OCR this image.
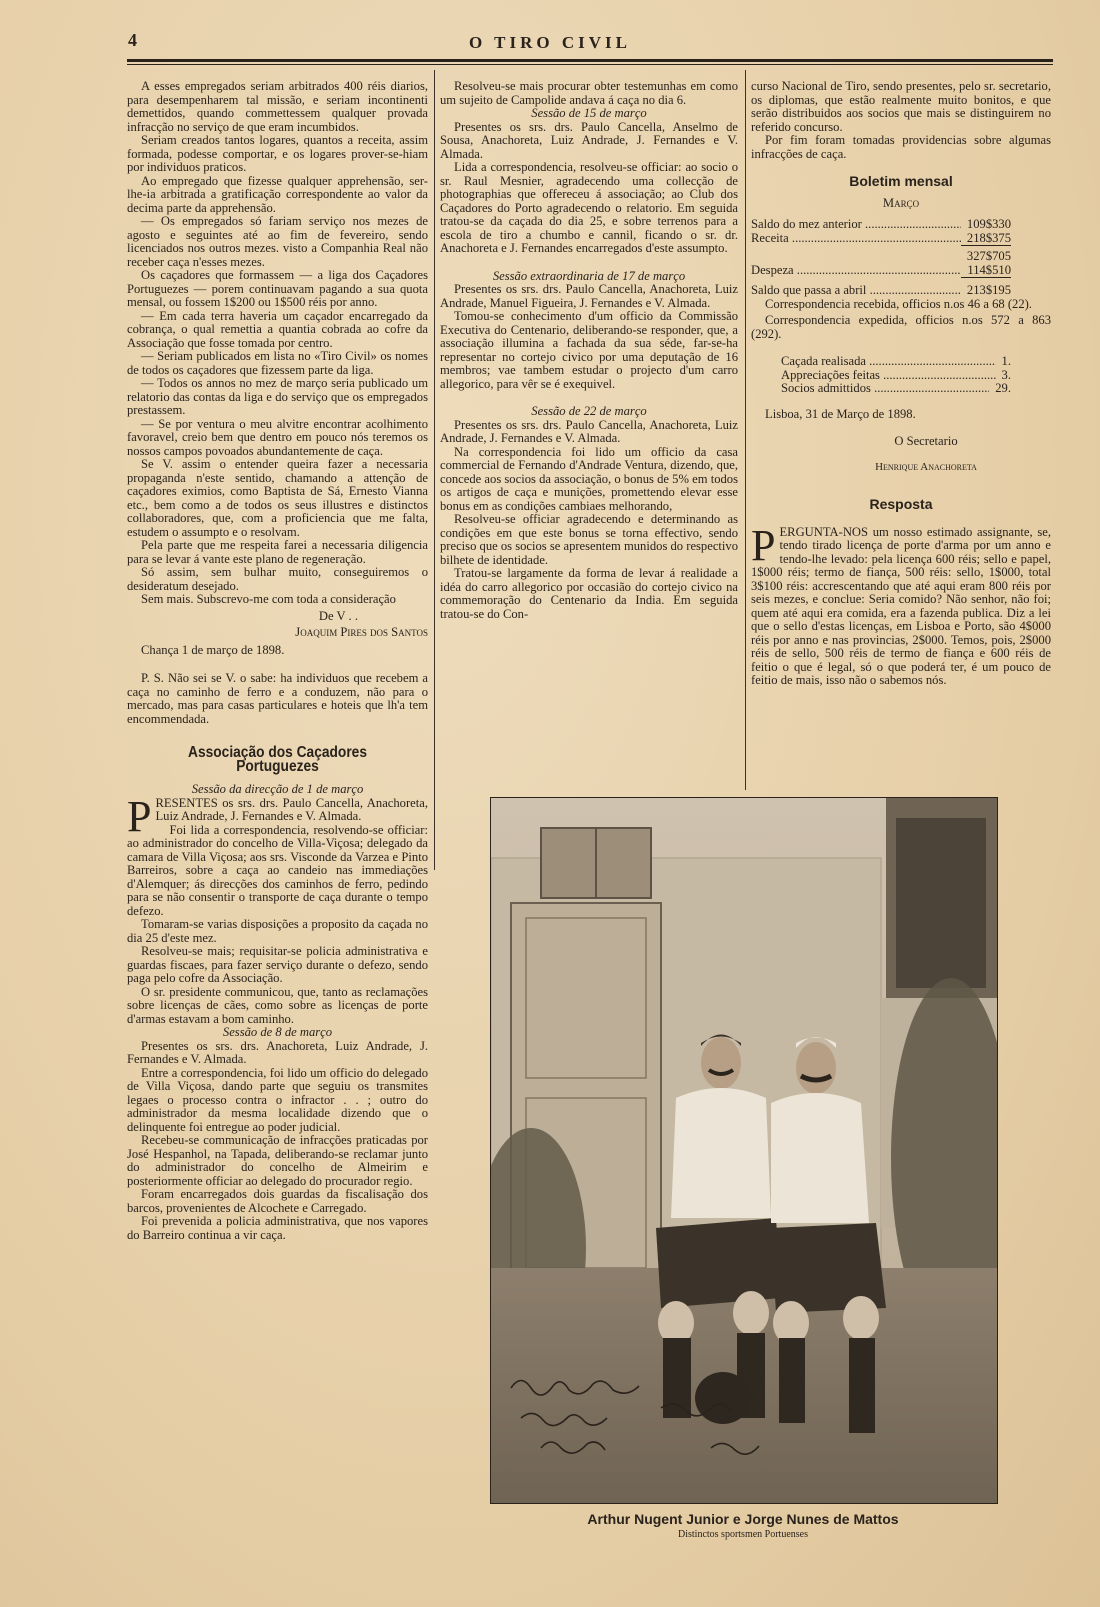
4	O TIRO CIVIL

A esses empregados seriam arbitrados 400 réis diarios, para desempenharem tal missão, e seriam incontinenti demettidos, quando commettessem qualquer provada infracção no serviço de que eram incumbidos.

Seriam creados tantos logares, quantos a receita, assim formada, podesse comportar, e os logares prover-se-hiam por individuos praticos.

Ao empregado que fizesse qualquer apprehensão, ser-lhe-ia arbitrada a gratificação correspondente ao valor da decima parte da apprehensão.

— Os empregados só fariam serviço nos mezes de agosto e seguintes até ao fim de fevereiro, sendo licenciados nos outros mezes. visto a Companhia Real não receber caça n'esses mezes.

Os caçadores que formassem — a liga dos Caçadores Portuguezes — porem continuavam pagando a sua quota mensal, ou fossem 1$200 ou 1$500 réis por anno.

— Em cada terra haveria um caçador encarregado da cobrança, o qual remettia a quantia cobrada ao cofre da Associação que fosse tomada por centro.

— Seriam publicados em lista no «Tiro Civil» os nomes de todos os caçadores que fizessem parte da liga.

— Todos os annos no mez de março seria publicado um relatorio das contas da liga e do serviço que os empregados prestassem.

— Se por ventura o meu alvitre encontrar acolhimento favoravel, creio bem que dentro em pouco nós teremos os nossos campos povoados abundantemente de caça.

Se V. assim o entender queira fazer a necessaria propaganda n'este sentido, chamando a attenção de caçadores eximios, como Baptista de Sá, Ernesto Vianna etc., bem como a de todos os seus illustres e distinctos collaboradores, que, com a proficiencia que me falta, estudem o assumpto e o resolvam.

Pela parte que me respeita farei a necessaria diligencia para se levar á vante este plano de regeneração.

Só assim, sem bulhar muito, conseguiremos o desideratum desejado.

Sem mais. Subscrevo-me com toda a consideração

De V . .

Joaquim Pires dos Santos

Chança 1 de março de 1898.

P. S. Não sei se V. o sabe: ha individuos que recebem a caça no caminho de ferro e a conduzem, não para o mercado, mas para casas particulares e hoteis que lh'a tem encommendada.

Associação dos Caçadores Portuguezes

Sessão da direcção de 1 de março

PRESENTES os srs. drs. Paulo Cancella, Anachoreta, Luiz Andrade, J. Fernandes e V. Almada.

Foi lida a correspondencia, resolvendo-se officiar: ao administrador do concelho de Villa-Viçosa; delegado da camara de Villa Viçosa; aos srs. Visconde da Varzea e Pinto Barreiros, sobre a caça ao candeio nas immediações d'Alemquer; ás direcções dos caminhos de ferro, pedindo para se não consentir o transporte de caça durante o tempo defezo.

Tomaram-se varias disposições a proposito da caçada no dia 25 d'este mez.

Resolveu-se mais; requisitar-se policia administrativa e guardas fiscaes, para fazer serviço durante o defezo, sendo paga pelo cofre da Associação.

O sr. presidente communicou, que, tanto as reclamações sobre licenças de cães, como sobre as licenças de porte d'armas estavam a bom caminho.

Sessão de 8 de março

Presentes os srs. drs. Anachoreta, Luiz Andrade, J. Fernandes e V. Almada.

Entre a correspondencia, foi lido um officio do delegado de Villa Viçosa, dando parte que seguiu os transmites legaes o processo contra o infractor . . ; outro do administrador da mesma localidade dizendo que o delinquente foi entregue ao poder judicial.

Recebeu-se communicação de infracções praticadas por José Hespanhol, na Tapada, deliberando-se reclamar junto do administrador do concelho de Almeirim e posteriormente officiar ao delegado do procurador regio.

Foram encarregados dois guardas da fiscalisação dos barcos, provenientes de Alcochete e Carregado.

Foi prevenida a policia administrativa, que nos vapores do Barreiro continua a vir caça.

Resolveu-se mais procurar obter testemunhas em como um sujeito de Campolide andava á caça no dia 6.

Sessão de 15 de março

Presentes os srs. drs. Paulo Cancella, Anselmo de Sousa, Anachoreta, Luiz Andrade, J. Fernandes e V. Almada.

Lida a correspondencia, resolveu-se officiar: ao socio o sr. Raul Mesnier, agradecendo uma collecção de photographias que offereceu á associação; ao Club dos Caçadores do Porto agradecendo o relatorio. Em seguida tratou-se da caçada do dia 25, e sobre terrenos para a escola de tiro a chumbo e cannil, ficando o sr. dr. Anachoreta e J. Fernandes encarregados d'este assumpto.

Sessão extraordinaria de 17 de março

Presentes os srs. drs. Paulo Cancella, Anachoreta, Luiz Andrade, Manuel Figueira, J. Fernandes e V. Almada.

Tomou-se conhecimento d'um officio da Commissão Executiva do Centenario, deliberando-se responder, que, a associação illumina a fachada da sua séde, far-se-ha representar no cortejo civico por uma deputação de 16 membros; vae tambem estudar o projecto d'um carro allegorico, para vêr se é exequivel.

Sessão de 22 de março

Presentes os srs. drs. Paulo Cancella, Anachoreta, Luiz Andrade, J. Fernandes e V. Almada.

Na correspondencia foi lido um officio da casa commercial de Fernando d'Andrade Ventura, dizendo, que, concede aos socios da associação, o bonus de 5% em todos os artigos de caça e munições, promettendo elevar esse bonus em as condições cambiaes melhorando,

Resolveu-se officiar agradecendo e determinando as condições em que este bonus se torna effectivo, sendo preciso que os socios se apresentem munidos do respectivo bilhete de identidade.

Tratou-se largamente da forma de levar á realidade a idéa do carro allegorico por occasião do cortejo civico na commemoração do Centenario da India. Em seguida tratou-se do Con-

curso Nacional de Tiro, sendo presentes, pelo sr. secretario, os diplomas, que estão realmente muito bonitos, e que serão distribuidos aos socios que mais se distinguirem no referido concurso.

Por fim foram tomadas providencias sobre algumas infracções de caça.

Boletim mensal

Março

Saldo do mez anterior .....	109$330
Receita .....	218$375
327$705
Despeza .....	114$510
Saldo que passa a abril .....	213$195

Correspondencia recebida, officios n.os 46 a 68 (22).

Correspondencia expedida, officios n.os 572 a 863 (292).

Caçada realisada .....	1.
Appreciações feitas .....	3.
Socios admittidos .....	29.

Lisboa, 31 de Março de 1898.

O Secretario

Henrique Anachoreta

Resposta

PERGUNTA-NOS um nosso estimado assignante, se, tendo tirado licença de porte d'arma por um anno e tendo-lhe levado: pela licença 600 réis; sello e papel, 1$000 réis; termo de fiança, 500 réis: sello, 1$000, total 3$100 réis: accrescentando que até aqui eram 800 réis por seis mezes, e conclue: Seria comido? Não senhor, não foi; quem até aqui era comida, era a fazenda publica. Diz a lei que o sello d'estas licenças, em Lisboa e Porto, são 4$000 réis por anno e nas provincias, 2$000. Temos, pois, 2$000 réis de sello, 500 réis de termo de fiança e 600 réis de feitio o que é legal, só o que poderá ter, é um pouco de feitio de mais, isso não o sabemos nós.

Arthur Nugent Junior e Jorge Nunes de Mattos
Distinctos sportsmen Portuenses
